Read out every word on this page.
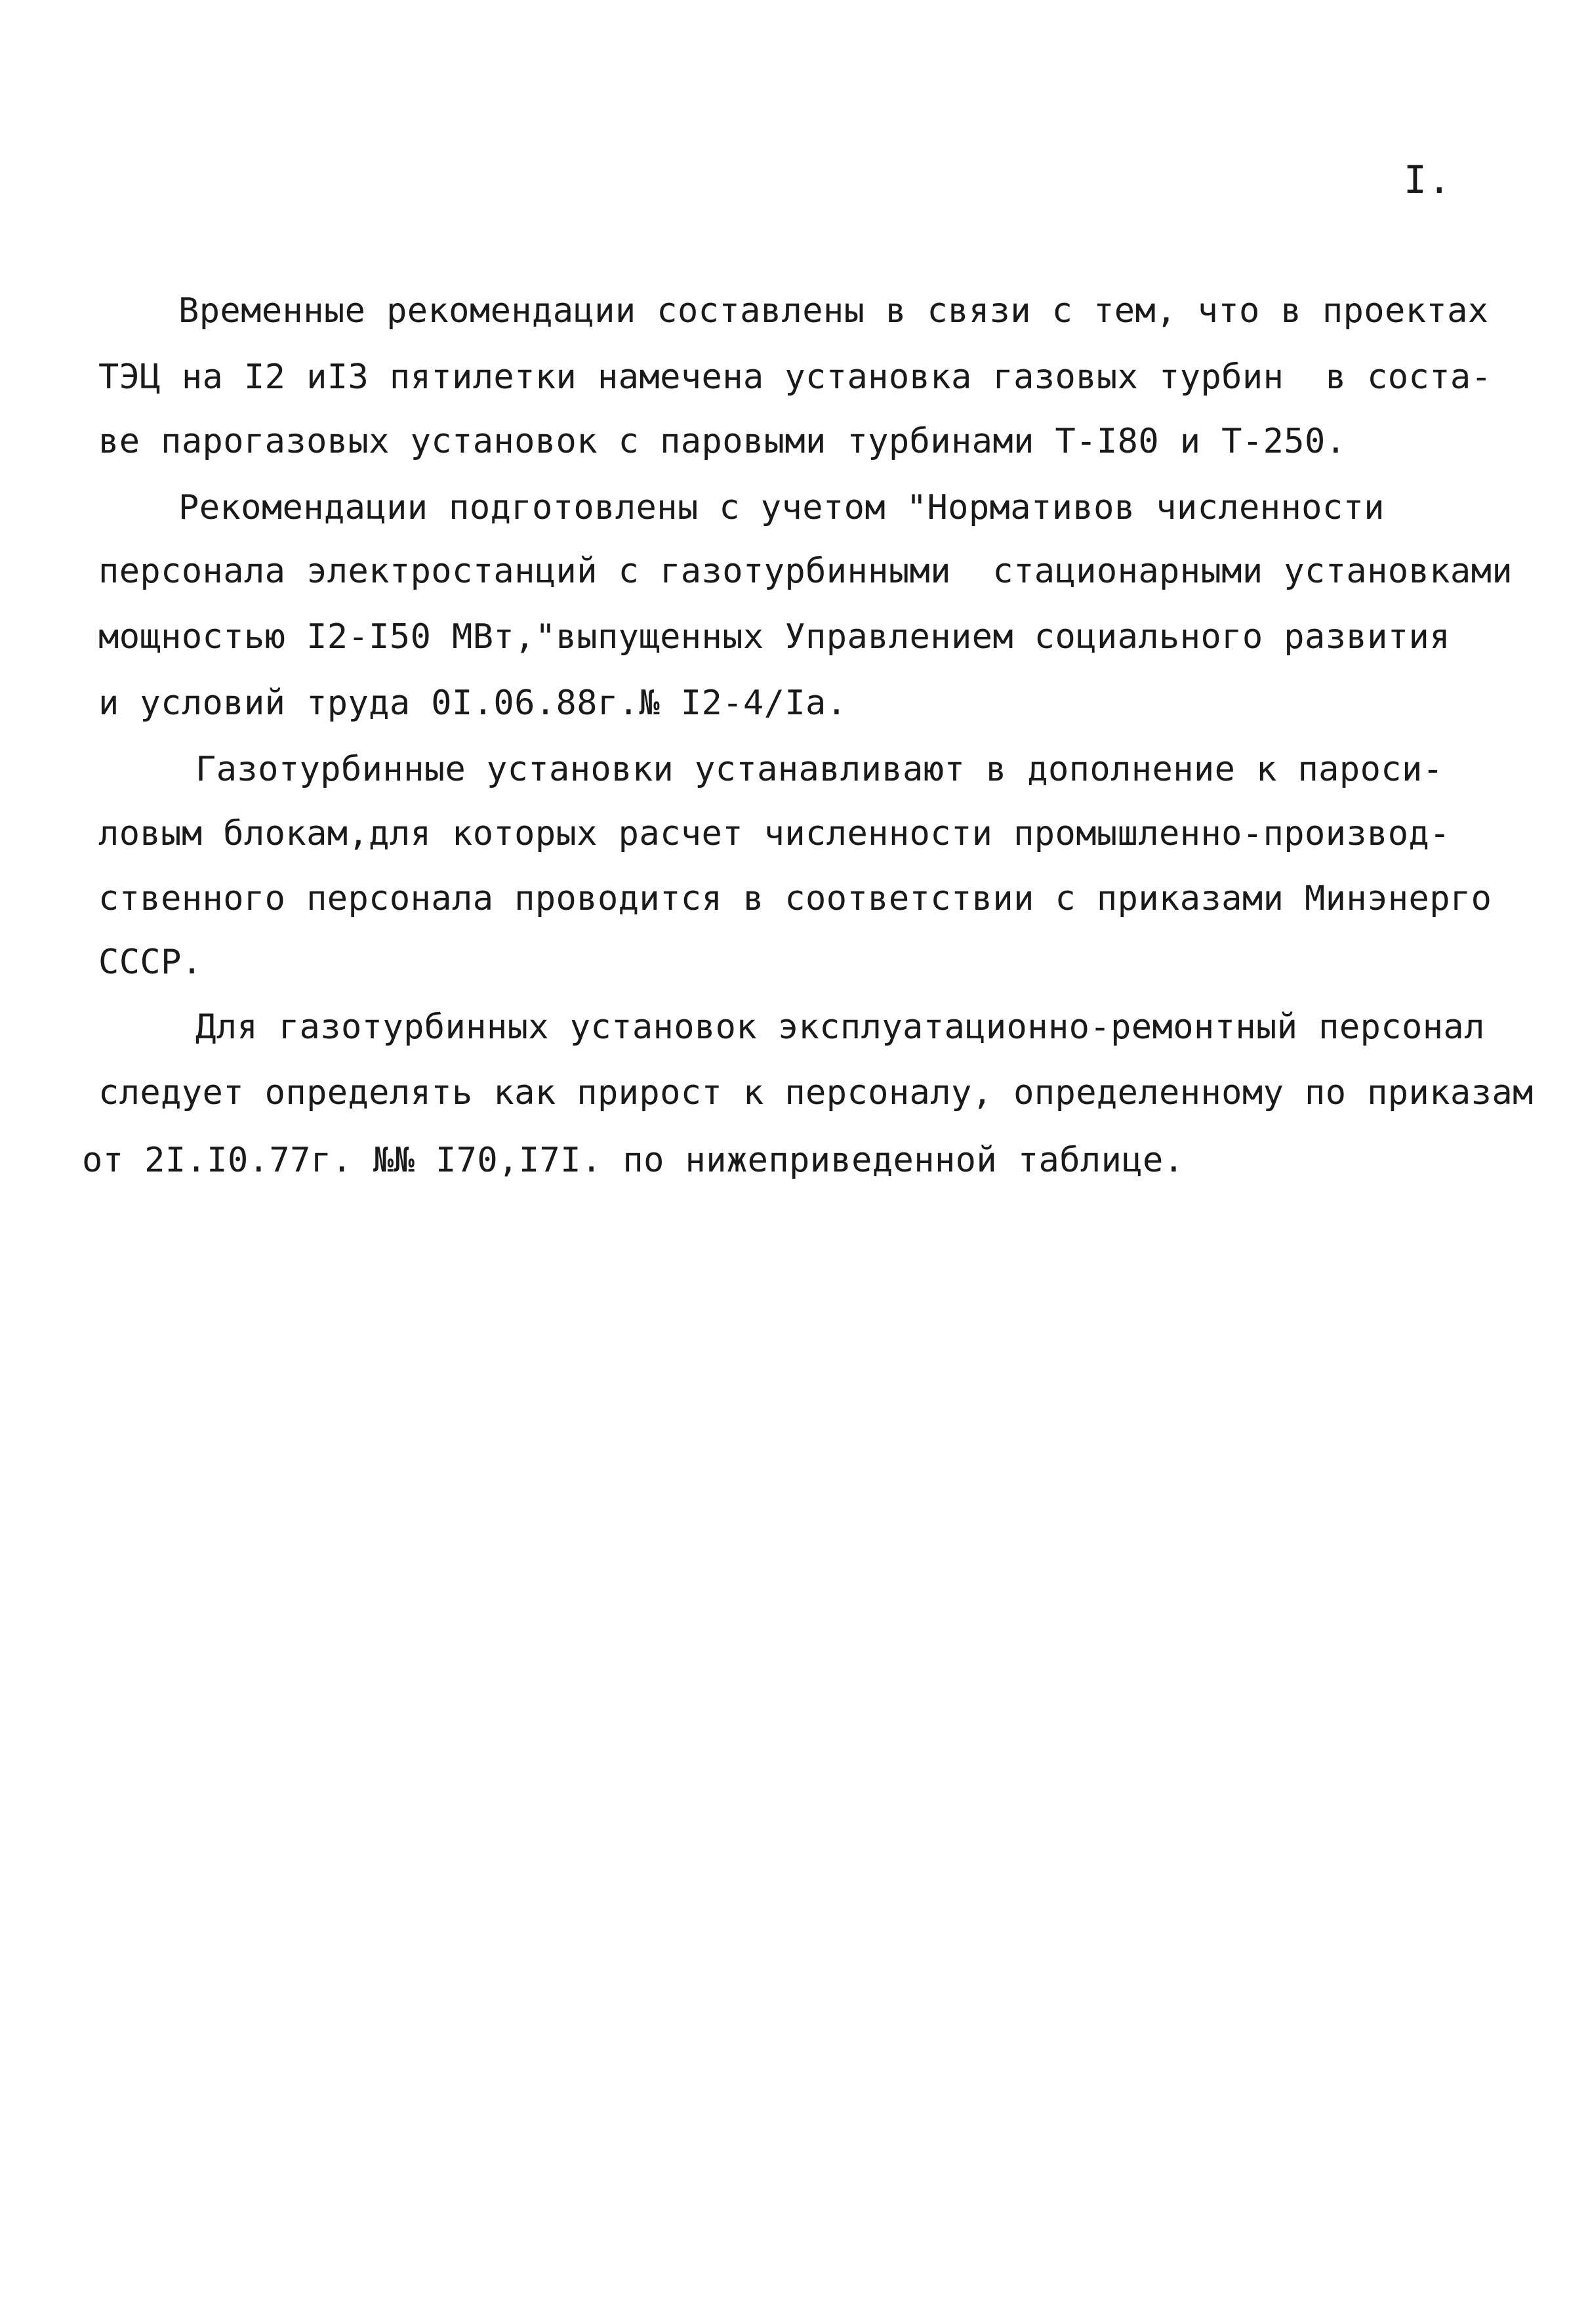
I.
Временные рекомендации составлены в связи с тем, что в проектах
ТЭЦ на I2 иI3 пятилетки намечена установка газовых турбин  в соста-
ве парогазовых установок с паровыми турбинами Т-I80 и Т-250.
Рекомендации подготовлены с учетом "Нормативов численности
персонала электростанций с газотурбинными  стационарными установками
мощностью I2-I50 МВт,"выпущенных Управлением социального развития
и условий труда 0I.06.88г.№ I2-4/Iа.
Газотурбинные установки устанавливают в дополнение к пароси-
ловым блокам,для которых расчет численности промышленно-производ-
ственного персонала проводится в соответствии с приказами Минэнерго
СССР.
Для газотурбинных установок эксплуатационно-ремонтный персонал
следует определять как прирост к персоналу, определенному по приказам
от 2I.I0.77г. №№ I70,I7I. по нижеприведенной таблице.
